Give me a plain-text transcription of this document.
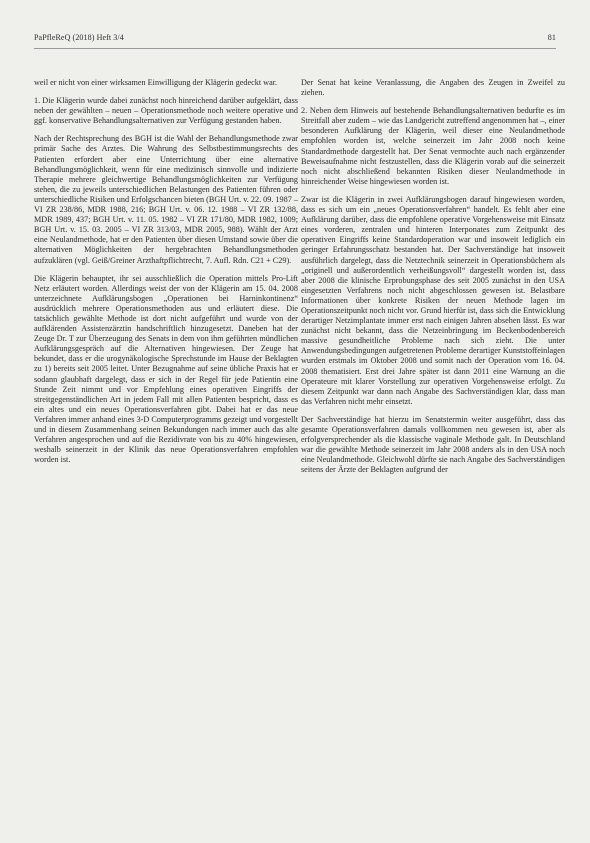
PaPfleReQ (2018) Heft 3/4	81

weil er nicht von einer wirksamen Einwilligung der Klägerin gedeckt war.

1. Die Klägerin wurde dabei zunächst noch hinreichend darüber aufgeklärt, dass neben der gewählten – neuen – Operationsmethode noch weitere operative und ggf. konservative Behandlungsalternativen zur Verfügung gestanden haben.

Nach der Rechtsprechung des BGH ist die Wahl der Behandlungsmethode zwar primär Sache des Arztes. Die Wahrung des Selbstbestimmungsrechts des Patienten erfordert aber eine Unterrichtung über eine alternative Behandlungsmöglichkeit, wenn für eine medizinisch sinnvolle und indizierte Therapie mehrere gleichwertige Behandlungsmöglichkeiten zur Verfügung stehen, die zu jeweils unterschiedlichen Belastungen des Patienten führen oder unterschiedliche Risiken und Erfolgschancen bieten (BGH Urt. v. 22. 09. 1987 – VI ZR 238/86, MDR 1988, 216; BGH Urt. v. 06. 12. 1988 – VI ZR 132/88, MDR 1989, 437; BGH Urt. v. 11. 05. 1982 – VI ZR 171/80, MDR 1982, 1009; BGH Urt. v. 15. 03. 2005 – VI ZR 313/03, MDR 2005, 988). Wählt der Arzt eine Neulandmethode, hat er den Patienten über diesen Umstand sowie über die alternativen Möglichkeiten der hergebrachten Behandlungsmethoden aufzuklären (vgl. Geiß/Greiner Arzthaftpflichtrecht, 7. Aufl. Rdn. C21 + C29).

Die Klägerin behauptet, ihr sei ausschließlich die Operation mittels Pro-Lift Netz erläutert worden. Allerdings weist der von der Klägerin am 15. 04. 2008 unterzeichnete Aufklärungsbogen „Operationen bei Harninkontinenz“ ausdrücklich mehrere Operationsmethoden aus und erläutert diese. Die tatsächlich gewählte Methode ist dort nicht aufgeführt und wurde von der aufklärenden Assistenzärztin handschriftlich hinzugesetzt. Daneben hat der Zeuge Dr. T zur Überzeugung des Senats in dem von ihm geführten mündlichen Aufklärungsgespräch auf die Alternativen hingewiesen. Der Zeuge hat bekundet, dass er die urogynäkologische Sprechstunde im Hause der Beklagten zu 1) bereits seit 2005 leitet. Unter Bezugnahme auf seine übliche Praxis hat er sodann glaubhaft dargelegt, dass er sich in der Regel für jede Patientin eine Stunde Zeit nimmt und vor Empfehlung eines operativen Eingriffs der streitgegenständlichen Art in jedem Fall mit allen Patienten bespricht, dass es ein altes und ein neues Operationsverfahren gibt. Dabei hat er das neue Verfahren immer anhand eines 3-D Computerprogramms gezeigt und vorgestellt und in diesem Zusammenhang seinen Bekundungen nach immer auch das alte Verfahren angesprochen und auf die Rezidivrate von bis zu 40% hingewiesen, weshalb seinerzeit in der Klinik das neue Operationsverfahren empfohlen worden ist.

Der Senat hat keine Veranlassung, die Angaben des Zeugen in Zweifel zu ziehen.

2. Neben dem Hinweis auf bestehende Behandlungsalternativen bedurfte es im Streitfall aber zudem – wie das Landgericht zutreffend angenommen hat –, einer besonderen Aufklärung der Klägerin, weil dieser eine Neulandmethode empfohlen worden ist, welche seinerzeit im Jahr 2008 noch keine Standardmethode dargestellt hat. Der Senat vermochte auch nach ergänzender Beweisaufnahme nicht festzustellen, dass die Klägerin vorab auf die seinerzeit noch nicht abschließend bekannten Risiken dieser Neulandmethode in hinreichender Weise hingewiesen worden ist.

Zwar ist die Klägerin in zwei Aufklärungsbogen darauf hingewiesen worden, dass es sich um ein „neues Operationsverfahren“ handelt. Es fehlt aber eine Aufklärung darüber, dass die empfohlene operative Vorgehensweise mit Einsatz eines vorderen, zentralen und hinteren Interponates zum Zeitpunkt des operativen Eingriffs keine Standardoperation war und insoweit lediglich ein geringer Erfahrungsschatz bestanden hat. Der Sachverständige hat insoweit ausführlich dargelegt, dass die Netztechnik seinerzeit in Operationsbüchern als „originell und außerordentlich verheißungsvoll“ dargestellt worden ist, dass aber 2008 die klinische Erprobungsphase des seit 2005 zunächst in den USA eingesetzten Verfahrens noch nicht abgeschlossen gewesen ist. Belastbare Informationen über konkrete Risiken der neuen Methode lagen im Operationszeitpunkt noch nicht vor. Grund hierfür ist, dass sich die Entwicklung derartiger Netzimplantate immer erst nach einigen Jahren absehen lässt. Es war zunächst nicht bekannt, dass die Netzeinbringung im Beckenbodenbereich massive gesundheitliche Probleme nach sich zieht. Die unter Anwendungsbedingungen aufgetretenen Probleme derartiger Kunststoffeinlagen wurden erstmals im Oktober 2008 und somit nach der Operation vom 16. 04. 2008 thematisiert. Erst drei Jahre später ist dann 2011 eine Warnung an die Operateure mit klarer Vorstellung zur operativen Vorgehensweise erfolgt. Zu diesem Zeitpunkt war dann nach Angabe des Sachverständigen klar, dass man das Verfahren nicht mehr einsetzt.

Der Sachverständige hat hierzu im Senatstermin weiter ausgeführt, dass das gesamte Operationsverfahren damals vollkommen neu gewesen ist, aber als erfolgversprechender als die klassische vaginale Methode galt. In Deutschland war die gewählte Methode seinerzeit im Jahr 2008 anders als in den USA noch eine Neulandmethode. Gleichwohl dürfte sie nach Angabe des Sachverständigen seitens der Ärzte der Beklagten aufgrund der
